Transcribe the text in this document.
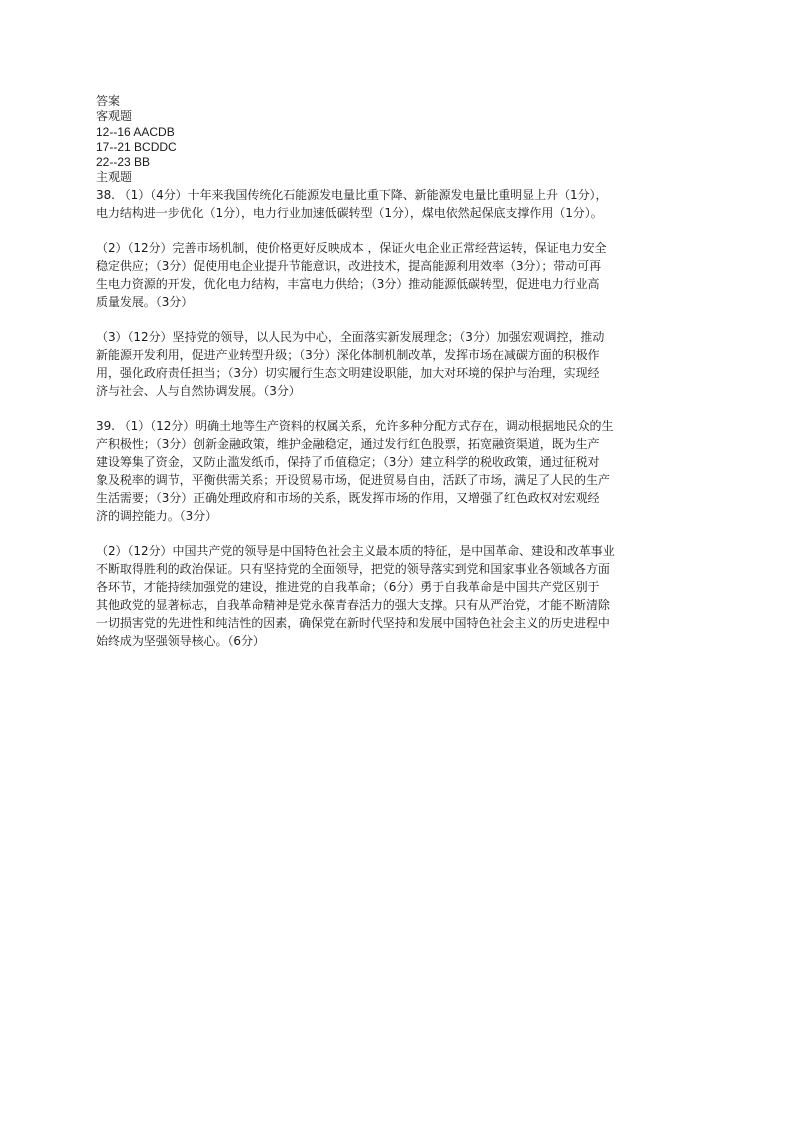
答案
客观题
12--16 AACDB
17--21 BCDDC
22--23 BB
主观题
38. （1）（4分）十年来我国传统化石能源发电量比重下降、新能源发电量比重明显上升（1分），
电力结构进一步优化（1分），电力行业加速低碳转型（1分），煤电依然起保底支撑作用（1分）。
（2）（12分）完善市场机制，使价格更好反映成本 ，保证火电企业正常经营运转，保证电力安全
稳定供应；（3分）促使用电企业提升节能意识，改进技术，提高能源利用效率（3分）；带动可再
生电力资源的开发，优化电力结构，丰富电力供给；（3分）推动能源低碳转型，促进电力行业高
质量发展。（3分）
（3）（12分）坚持党的领导，以人民为中心，全面落实新发展理念；（3分）加强宏观调控，推动
新能源开发利用，促进产业转型升级；（3分）深化体制机制改革，发挥市场在减碳方面的积极作
用，强化政府责任担当；（3分）切实履行生态文明建设职能，加大对环境的保护与治理，实现经
济与社会、人与自然协调发展。（3分）
39. （1）（12分）明确土地等生产资料的权属关系，允许多种分配方式存在，调动根据地民众的生
产积极性；（3分）创新金融政策，维护金融稳定，通过发行红色股票，拓宽融资渠道，既为生产
建设筹集了资金，又防止滥发纸币，保持了币值稳定；（3分）建立科学的税收政策，通过征税对
象及税率的调节，平衡供需关系；开设贸易市场，促进贸易自由，活跃了市场，满足了人民的生产
生活需要；（3分）正确处理政府和市场的关系，既发挥市场的作用，又增强了红色政权对宏观经
济的调控能力。（3分）
（2）（12分）中国共产党的领导是中国特色社会主义最本质的特征，是中国革命、建设和改革事业
不断取得胜利的政治保证。只有坚持党的全面领导，把党的领导落实到党和国家事业各领域各方面
各环节，才能持续加强党的建设，推进党的自我革命；（6分）勇于自我革命是中国共产党区别于
其他政党的显著标志，自我革命精神是党永葆青春活力的强大支撑。只有从严治党，才能不断清除
一切损害党的先进性和纯洁性的因素，确保党在新时代坚持和发展中国特色社会主义的历史进程中
始终成为坚强领导核心。（6分）
